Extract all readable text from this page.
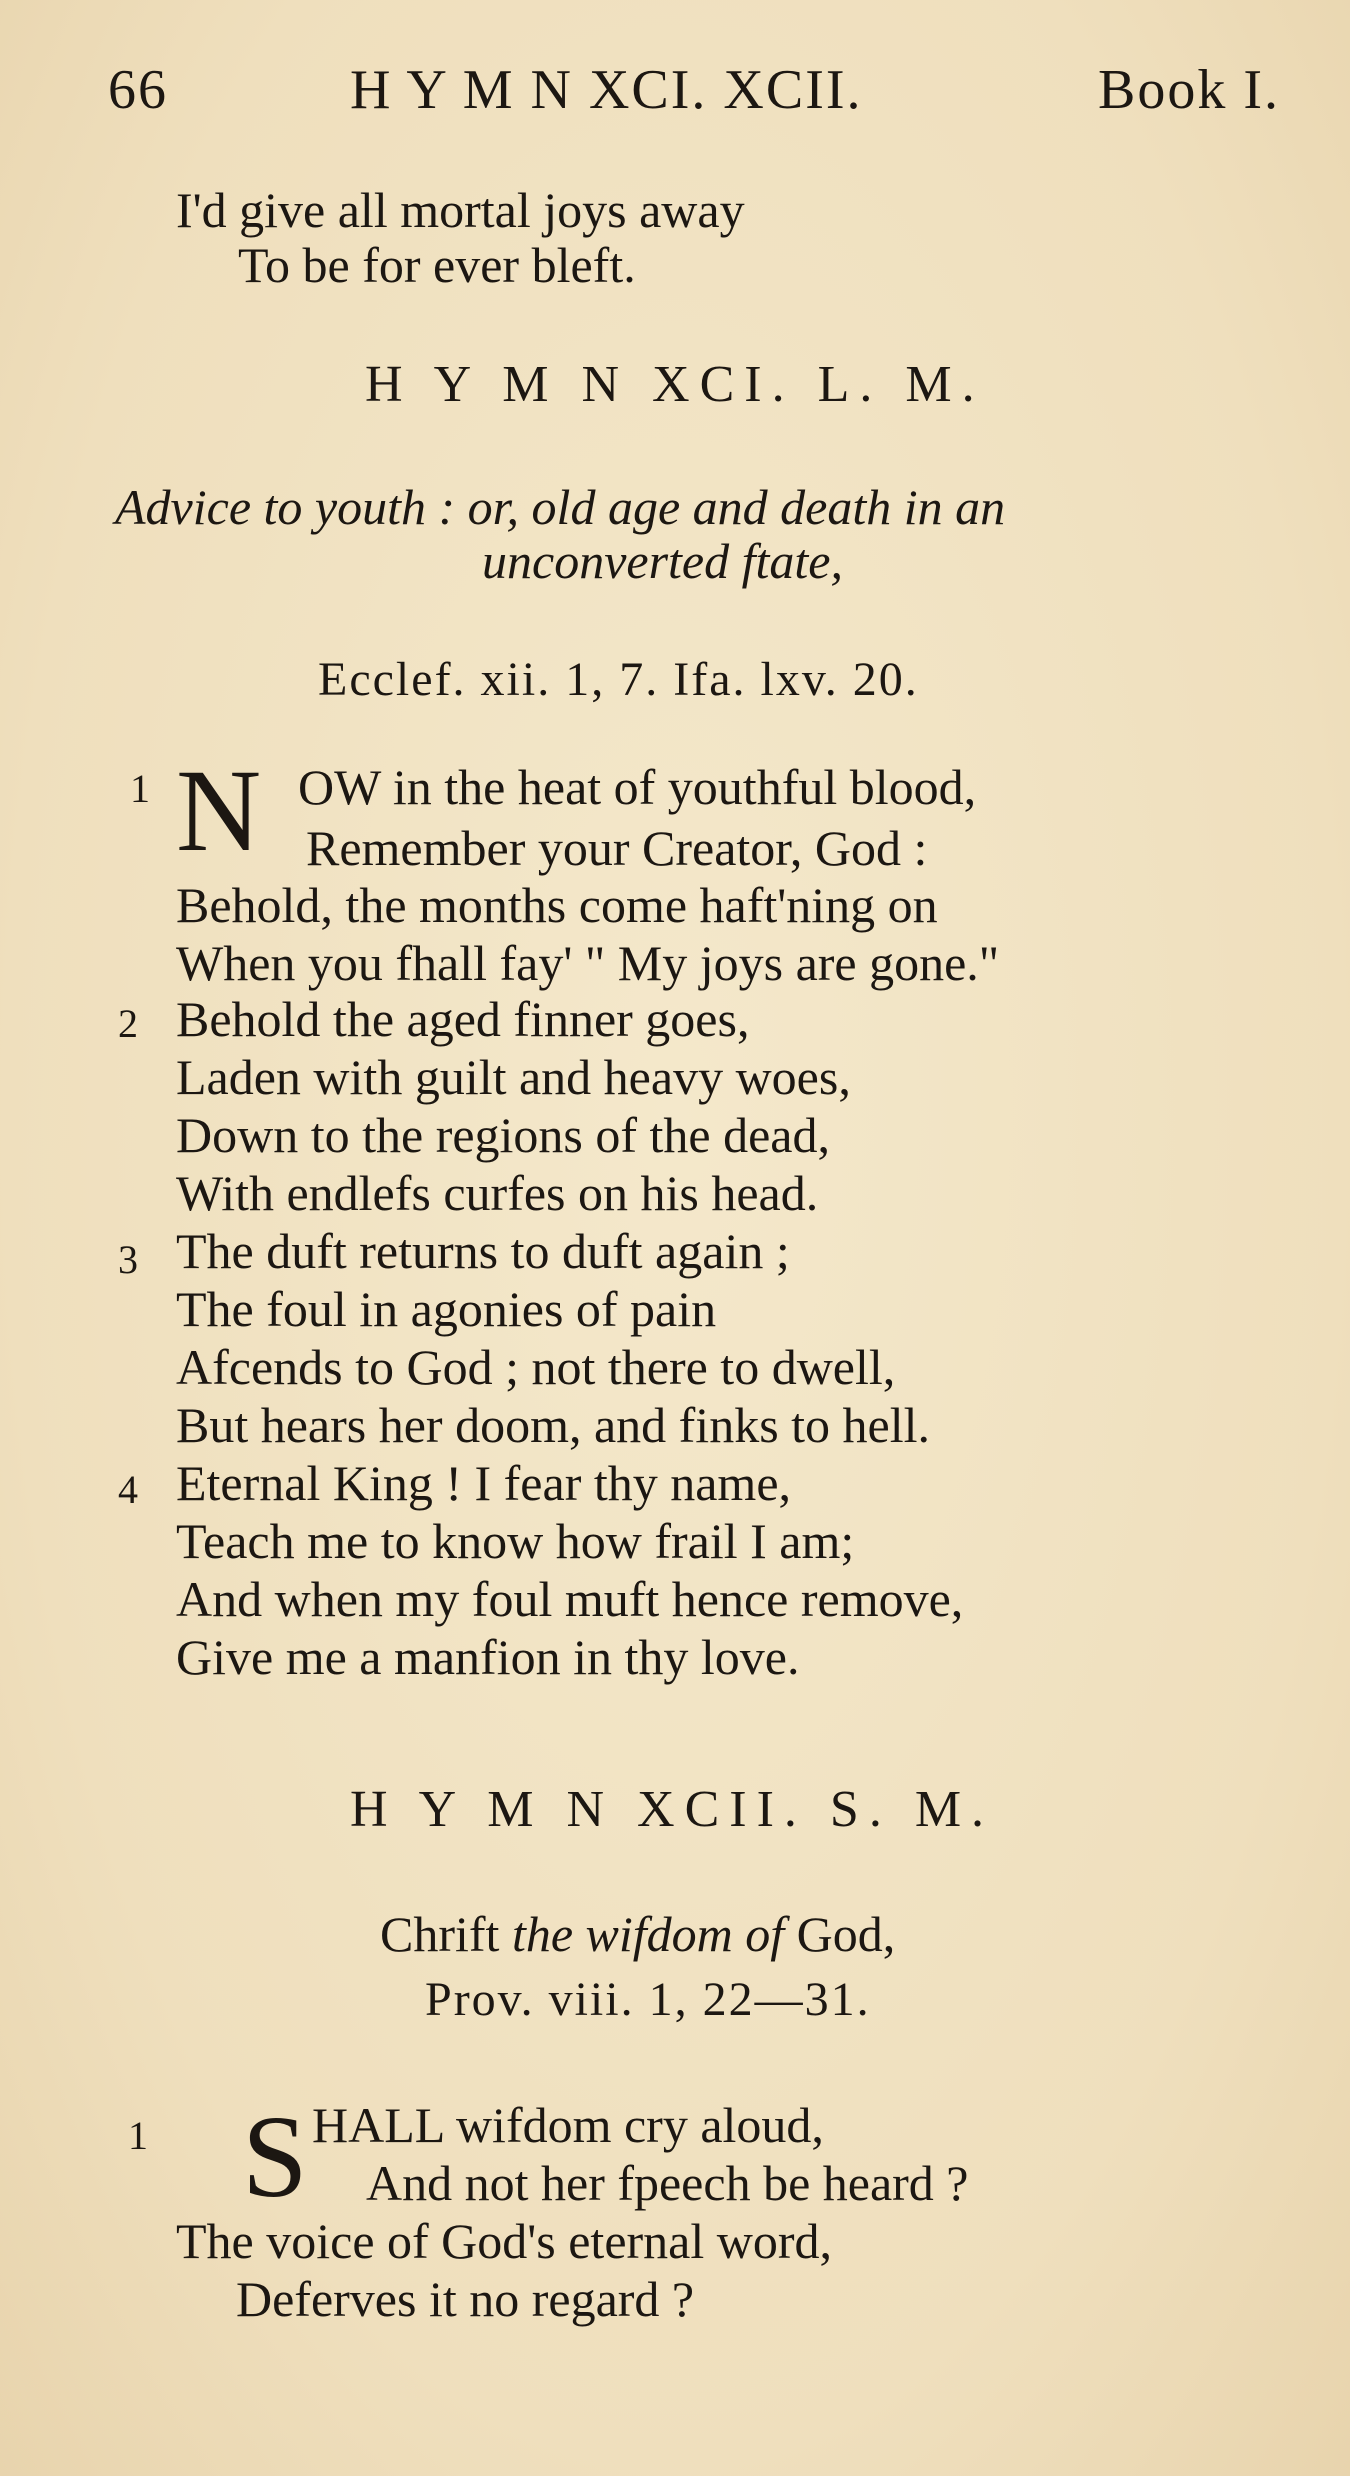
66	H Y M N XCI. XCII.	Book I.
I'd give all mortal joys away
To be for ever bleft.
H Y M N XCI. L. M.
Advice to youth : or, old age and death in an
unconverted ftate,
Ecclef. xii. 1, 7. Ifa. lxv. 20.
1 N OW in the heat of youthful blood,
Remember your Creator, God :
Behold, the months come haft'ning on
When you fhall fay' " My joys are gone."
2 Behold the aged finner goes,
Laden with guilt and heavy woes,
Down to the regions of the dead,
With endlefs curfes on his head.
3 The duft returns to duft again ;
The foul in agonies of pain
Afcends to God ; not there to dwell,
But hears her doom, and finks to hell.
4 Eternal King ! I fear thy name,
Teach me to know how frail I am;
And when my foul muft hence remove,
Give me a manfion in thy love.
H Y M N XCII. S. M.
Chrift the wifdom of God,
Prov. viii. 1, 22—31.
1 S HALL wifdom cry aloud,
And not her fpeech be heard ?
The voice of God's eternal word,
Deferves it no regard ?
